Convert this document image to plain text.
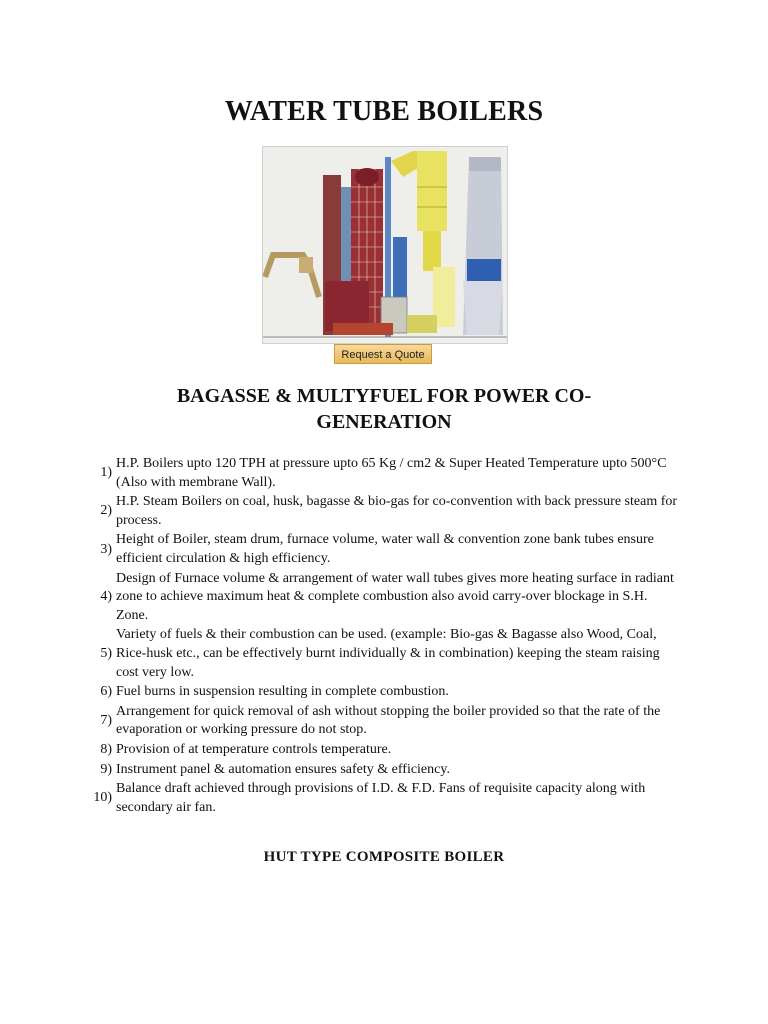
WATER TUBE BOILERS
Request a Quote
BAGASSE & MULTYFUEL FOR POWER CO-GENERATION
1)
H.P. Boilers upto 120 TPH at pressure upto 65 Kg / cm2 & Super Heated Temperature upto 500°C (Also with membrane Wall).
2)
H.P. Steam Boilers on coal, husk, bagasse & bio-gas for co-convention with back pressure steam for process.
3)
Height of Boiler, steam drum, furnace volume, water wall & convention zone bank tubes ensure efficient circulation & high efficiency.
4)
Design of Furnace volume & arrangement of water wall tubes gives more heating surface in radiant zone to achieve maximum heat & complete combustion also avoid carry-over blockage in S.H. Zone.
5)
Variety of fuels & their combustion can be used. (example: Bio-gas & Bagasse also Wood, Coal, Rice-husk etc., can be effectively burnt individually & in combination) keeping the steam raising cost very low.
6) Fuel burns in suspension resulting in complete combustion.
7)
Arrangement for quick removal of ash without stopping the boiler provided so that the rate of the evaporation or working pressure do not stop.
8) Provision of at temperature controls temperature.
9) Instrument panel & automation ensures safety & efficiency.
10)
Balance draft achieved through provisions of I.D. & F.D. Fans of requisite capacity along with secondary air fan.
HUT TYPE COMPOSITE BOILER
